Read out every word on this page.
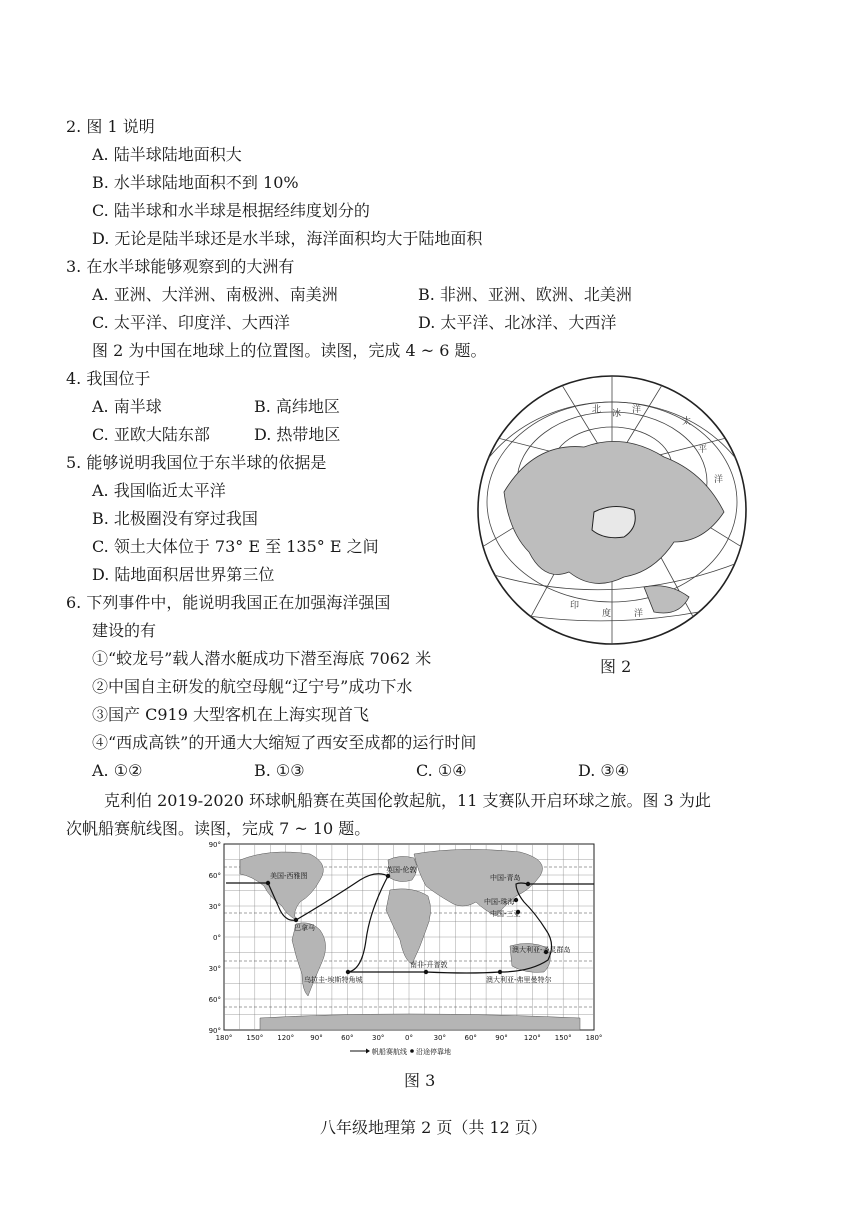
2. 图 1 说明
A. 陆半球陆地面积大
B. 水半球陆地面积不到 10%
C. 陆半球和水半球是根据经纬度划分的
D. 无论是陆半球还是水半球，海洋面积均大于陆地面积
3. 在水半球能够观察到的大洲有
A. 亚洲、大洋洲、南极洲、南美洲	B. 非洲、亚洲、欧洲、北美洲
C. 太平洋、印度洋、大西洋	D. 太平洋、北冰洋、大西洋
图 2 为中国在地球上的位置图。读图，完成 4 ~ 6 题。
4. 我国位于
A. 南半球	B. 高纬地区
C. 亚欧大陆东部	D. 热带地区
5. 能够说明我国位于东半球的依据是
A. 我国临近太平洋
B. 北极圈没有穿过我国
C. 领土大体位于 73° E 至 135° E 之间
D. 陆地面积居世界第三位
6. 下列事件中，能说明我国正在加强海洋强国
建设的有
①“蛟龙号”载人潜水艇成功下潜至海底 7062 米
②中国自主研发的航空母舰“辽宁号”成功下水
③国产 C919 大型客机在上海实现首飞
④“西成高铁”的开通大大缩短了西安至成都的运行时间
A. ①②	B. ①③	C. ①④	D. ③④
克利伯 2019-2020 环球帆船赛在英国伦敦起航，11 支赛队开启环球之旅。图 3 为此
次帆船赛航线图。读图，完成 7 ~ 10 题。
太
平
洋
印
度	洋
北 冰 洋
图 2
美国-西雅图
英国-伦敦
中国-青岛
中国-珠海
中国-三亚
巴拿马
澳大利亚-圣灵群岛
南非-开普敦
乌拉圭-埃斯特角城	澳大利亚-弗里曼特尔
90°
60°
30°
0°
30°
60°
90°
180° 150° 120° 90°	60°	30°	0°	30°	60°	90° 120° 150° 180°
帆船赛航线 沿途停靠地
图 3
八年级地理第 2 页（共 12 页）
